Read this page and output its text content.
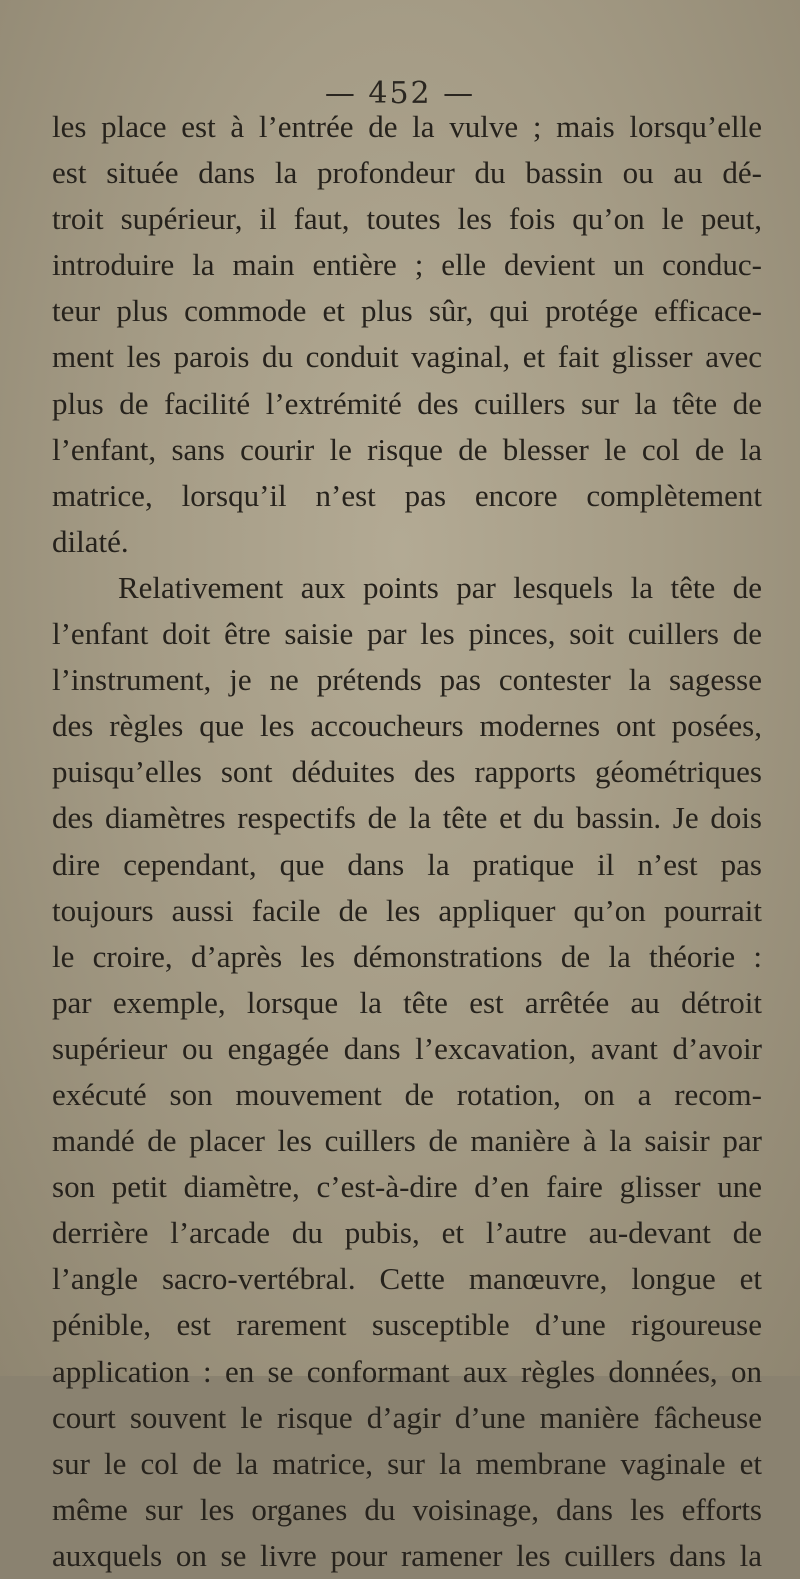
— 452 —
les place est à l’entrée de la vulve ; mais lorsqu’elle
est située dans la profondeur du bassin ou au dé-
troit supérieur, il faut, toutes les fois qu’on le peut,
introduire la main entière ; elle devient un conduc-
teur plus commode et plus sûr, qui protége efficace-
ment les parois du conduit vaginal, et fait glisser avec
plus de facilité l’extrémité des cuillers sur la tête de
l’enfant, sans courir le risque de blesser le col de la
matrice, lorsqu’il n’est pas encore complètement
dilaté.
Relativement aux points par lesquels la tête de
l’enfant doit être saisie par les pinces, soit cuillers de
l’instrument, je ne prétends pas contester la sagesse
des règles que les accoucheurs modernes ont posées,
puisqu’elles sont déduites des rapports géométriques
des diamètres respectifs de la tête et du bassin. Je dois
dire cependant, que dans la pratique il n’est pas
toujours aussi facile de les appliquer qu’on pourrait
le croire, d’après les démonstrations de la théorie :
par exemple, lorsque la tête est arrêtée au détroit
supérieur ou engagée dans l’excavation, avant d’avoir
exécuté son mouvement de rotation, on a recom-
mandé de placer les cuillers de manière à la saisir par
son petit diamètre, c’est-à-dire d’en faire glisser une
derrière l’arcade du pubis, et l’autre au-devant de
l’angle sacro-vertébral. Cette manœuvre, longue et
pénible, est rarement susceptible d’une rigoureuse
application : en se conformant aux règles données, on
court souvent le risque d’agir d’une manière fâcheuse
sur le col de la matrice, sur la membrane vaginale et
même sur les organes du voisinage, dans les efforts
auxquels on se livre pour ramener les cuillers dans la
